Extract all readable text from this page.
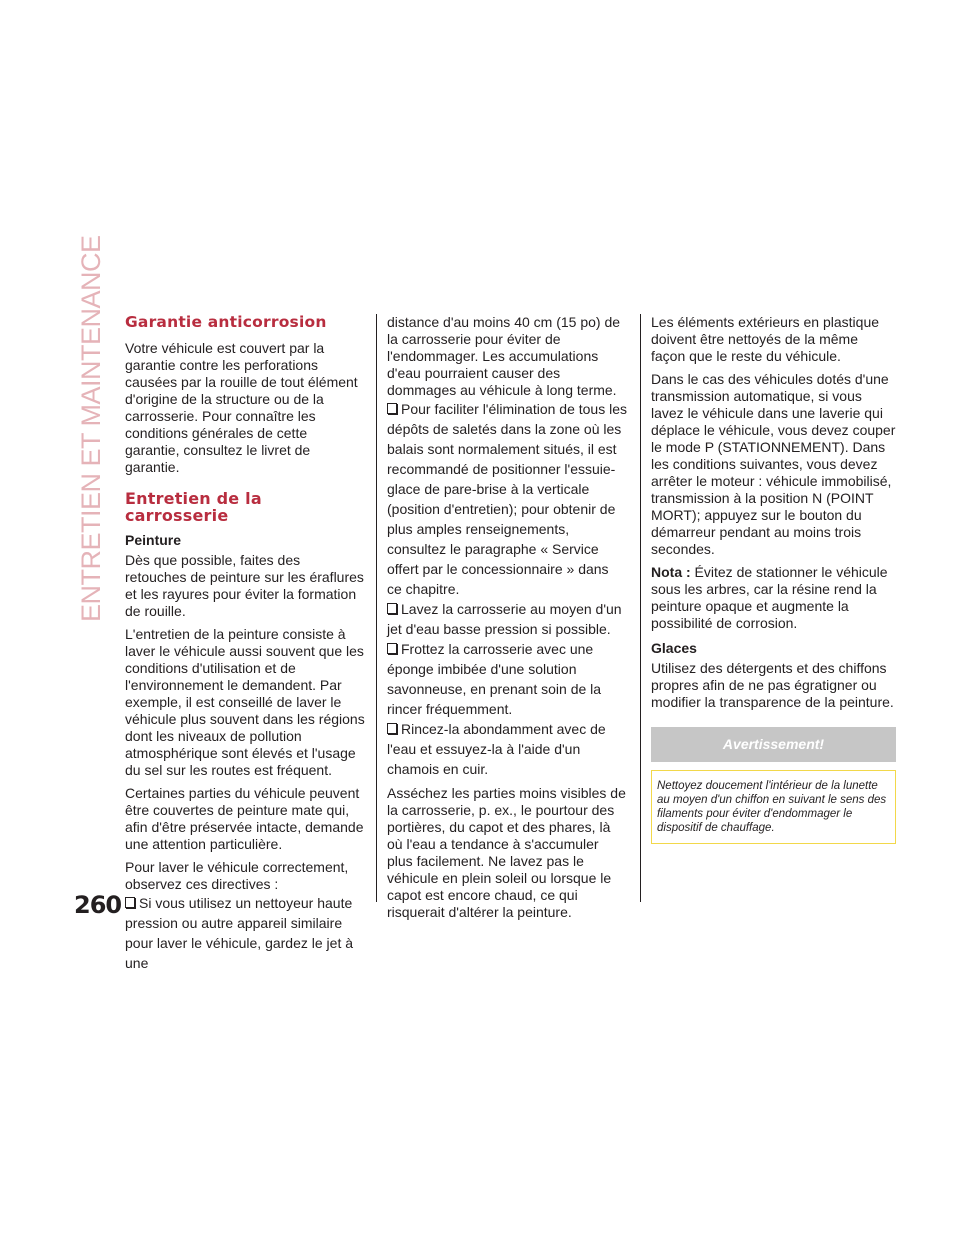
ENTRETIEN ET MAINTENANCE
260
Garantie anticorrosion

Votre véhicule est couvert par la garantie contre les perforations causées par la rouille de tout élément d'origine de la structure ou de la carrosserie. Pour connaître les conditions générales de cette garantie, consultez le livret de garantie.

Entretien de la carrosserie
Peinture

Dès que possible, faites des retouches de peinture sur les éraflures et les rayures pour éviter la formation de rouille.

L'entretien de la peinture consiste à laver le véhicule aussi souvent que les conditions d'utilisation et de l'environnement le demandent. Par exemple, il est conseillé de laver le véhicule plus souvent dans les régions dont les niveaux de pollution atmosphérique sont élevés et l'usage du sel sur les routes est fréquent.

Certaines parties du véhicule peuvent être couvertes de peinture mate qui, afin d'être préservée intacte, demande une attention particulière.

Pour laver le véhicule correctement, observez ces directives :

Si vous utilisez un nettoyeur haute pression ou autre appareil similaire pour laver le véhicule, gardez le jet à une

distance d'au moins 40 cm (15 po) de la carrosserie pour éviter de l'endommager. Les accumulations d'eau pourraient causer des dommages au véhicule à long terme.

Pour faciliter l'élimination de tous les dépôts de saletés dans la zone où les balais sont normalement situés, il est recommandé de positionner l'essuie-glace de pare-brise à la verticale (position d'entretien); pour obtenir de plus amples renseignements, consultez le paragraphe « Service offert par le concessionnaire » dans ce chapitre.
Lavez la carrosserie au moyen d'un jet d'eau basse pression si possible.
Frottez la carrosserie avec une éponge imbibée d'une solution savonneuse, en prenant soin de la rincer fréquemment.
Rincez-la abondamment avec de l'eau et essuyez-la à l'aide d'un chamois en cuir.

Asséchez les parties moins visibles de la carrosserie, p. ex., le pourtour des portières, du capot et des phares, là où l'eau a tendance à s'accumuler plus facilement. Ne lavez pas le véhicule en plein soleil ou lorsque le capot est encore chaud, ce qui risquerait d'altérer la peinture.

Les éléments extérieurs en plastique doivent être nettoyés de la même façon que le reste du véhicule.

Dans le cas des véhicules dotés d'une transmission automatique, si vous lavez le véhicule dans une laverie qui déplace le véhicule, vous devez couper le mode P (STATIONNEMENT). Dans les conditions suivantes, vous devez arrêter le moteur : véhicule immobilisé, transmission à la position N (POINT MORT); appuyez sur le bouton du démarreur pendant au moins trois secondes.

Nota : Évitez de stationner le véhicule sous les arbres, car la résine rend la peinture opaque et augmente la possibilité de corrosion.

Glaces

Utilisez des détergents et des chiffons propres afin de ne pas égratigner ou modifier la transparence de la peinture.

Avertissement!
Nettoyez doucement l'intérieur de la lunette au moyen d'un chiffon en suivant le sens des filaments pour éviter d'endommager le dispositif de chauffage.
